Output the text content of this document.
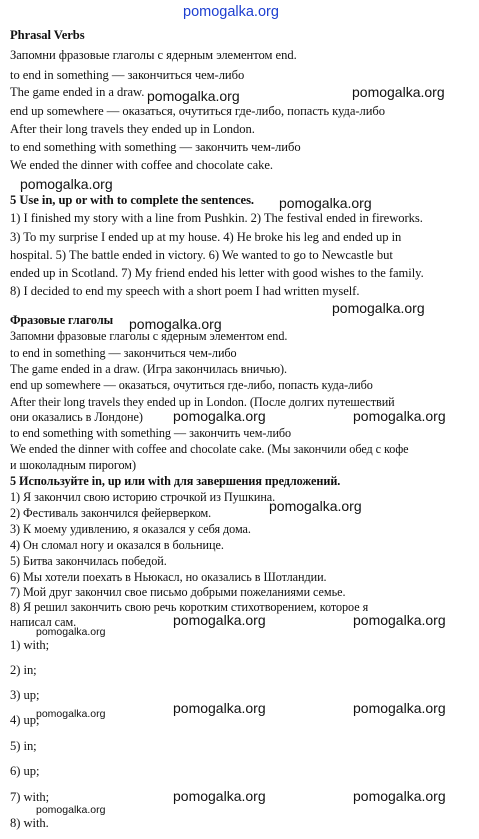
pomogalka.org
pomogalka.org	pomogalka.org
pomogalka.org
pomogalka.org
pomogalka.org
pomogalka.org
pomogalka.org	pomogalka.org
pomogalka.org
pomogalka.org	pomogalka.org
pomogalka.org
pomogalka.org	pomogalka.org
pomogalka.org
pomogalka.org	pomogalka.org
pomogalka.org
Phrasal Verbs
Запомни фразовые глаголы с ядерным элементом end.
to end in something — закончиться чем-либо
The game ended in a draw.
end up somewhere — оказаться, очутиться где-либо, попасть куда-либо
After their long travels they ended up in London.
to end something with something — закончить чем-либо
We ended the dinner with coffee and chocolate cake.
5 Use in, up or with to complete the sentences.
1) I finished my story with a line from Pushkin. 2) The festival ended in fireworks.
3) To my surprise I ended up at my house. 4) He broke his leg and ended up in
hospital. 5) The battle ended in victory. 6) We wanted to go to Newcastle but
ended up in Scotland. 7) My friend ended his letter with good wishes to the family.
8) I decided to end my speech with a short poem I had written myself.
Фразовые глаголы
Запомни фразовые глаголы с ядерным элементом end.
to end in something — закончиться чем-либо
The game ended in a draw. (Игра закончилась вничью).
end up somewhere — оказаться, очутиться где-либо, попасть куда-либо
After their long travels they ended up in London. (После долгих путешествий
они оказались в Лондоне)
to end something with something — закончить чем-либо
We ended the dinner with coffee and chocolate cake. (Мы закончили обед с кофе
и шоколадным пирогом)
5 Используйте in, up или with для завершения предложений.
1) Я закончил свою историю строчкой из Пушкина.
2) Фестиваль закончился фейерверком.
3) К моему удивлению, я оказался у себя дома.
4) Он сломал ногу и оказался в больнице.
5) Битва закончилась победой.
6) Мы хотели поехать в Ньюкасл, но оказались в Шотландии.
7) Мой друг закончил свое письмо добрыми пожеланиями семье.
8) Я решил закончить свою речь коротким стихотворением, которое я
написал сам.
1) with;
2) in;
3) up;
4) up;
5) in;
6) up;
7) with;
8) with.
